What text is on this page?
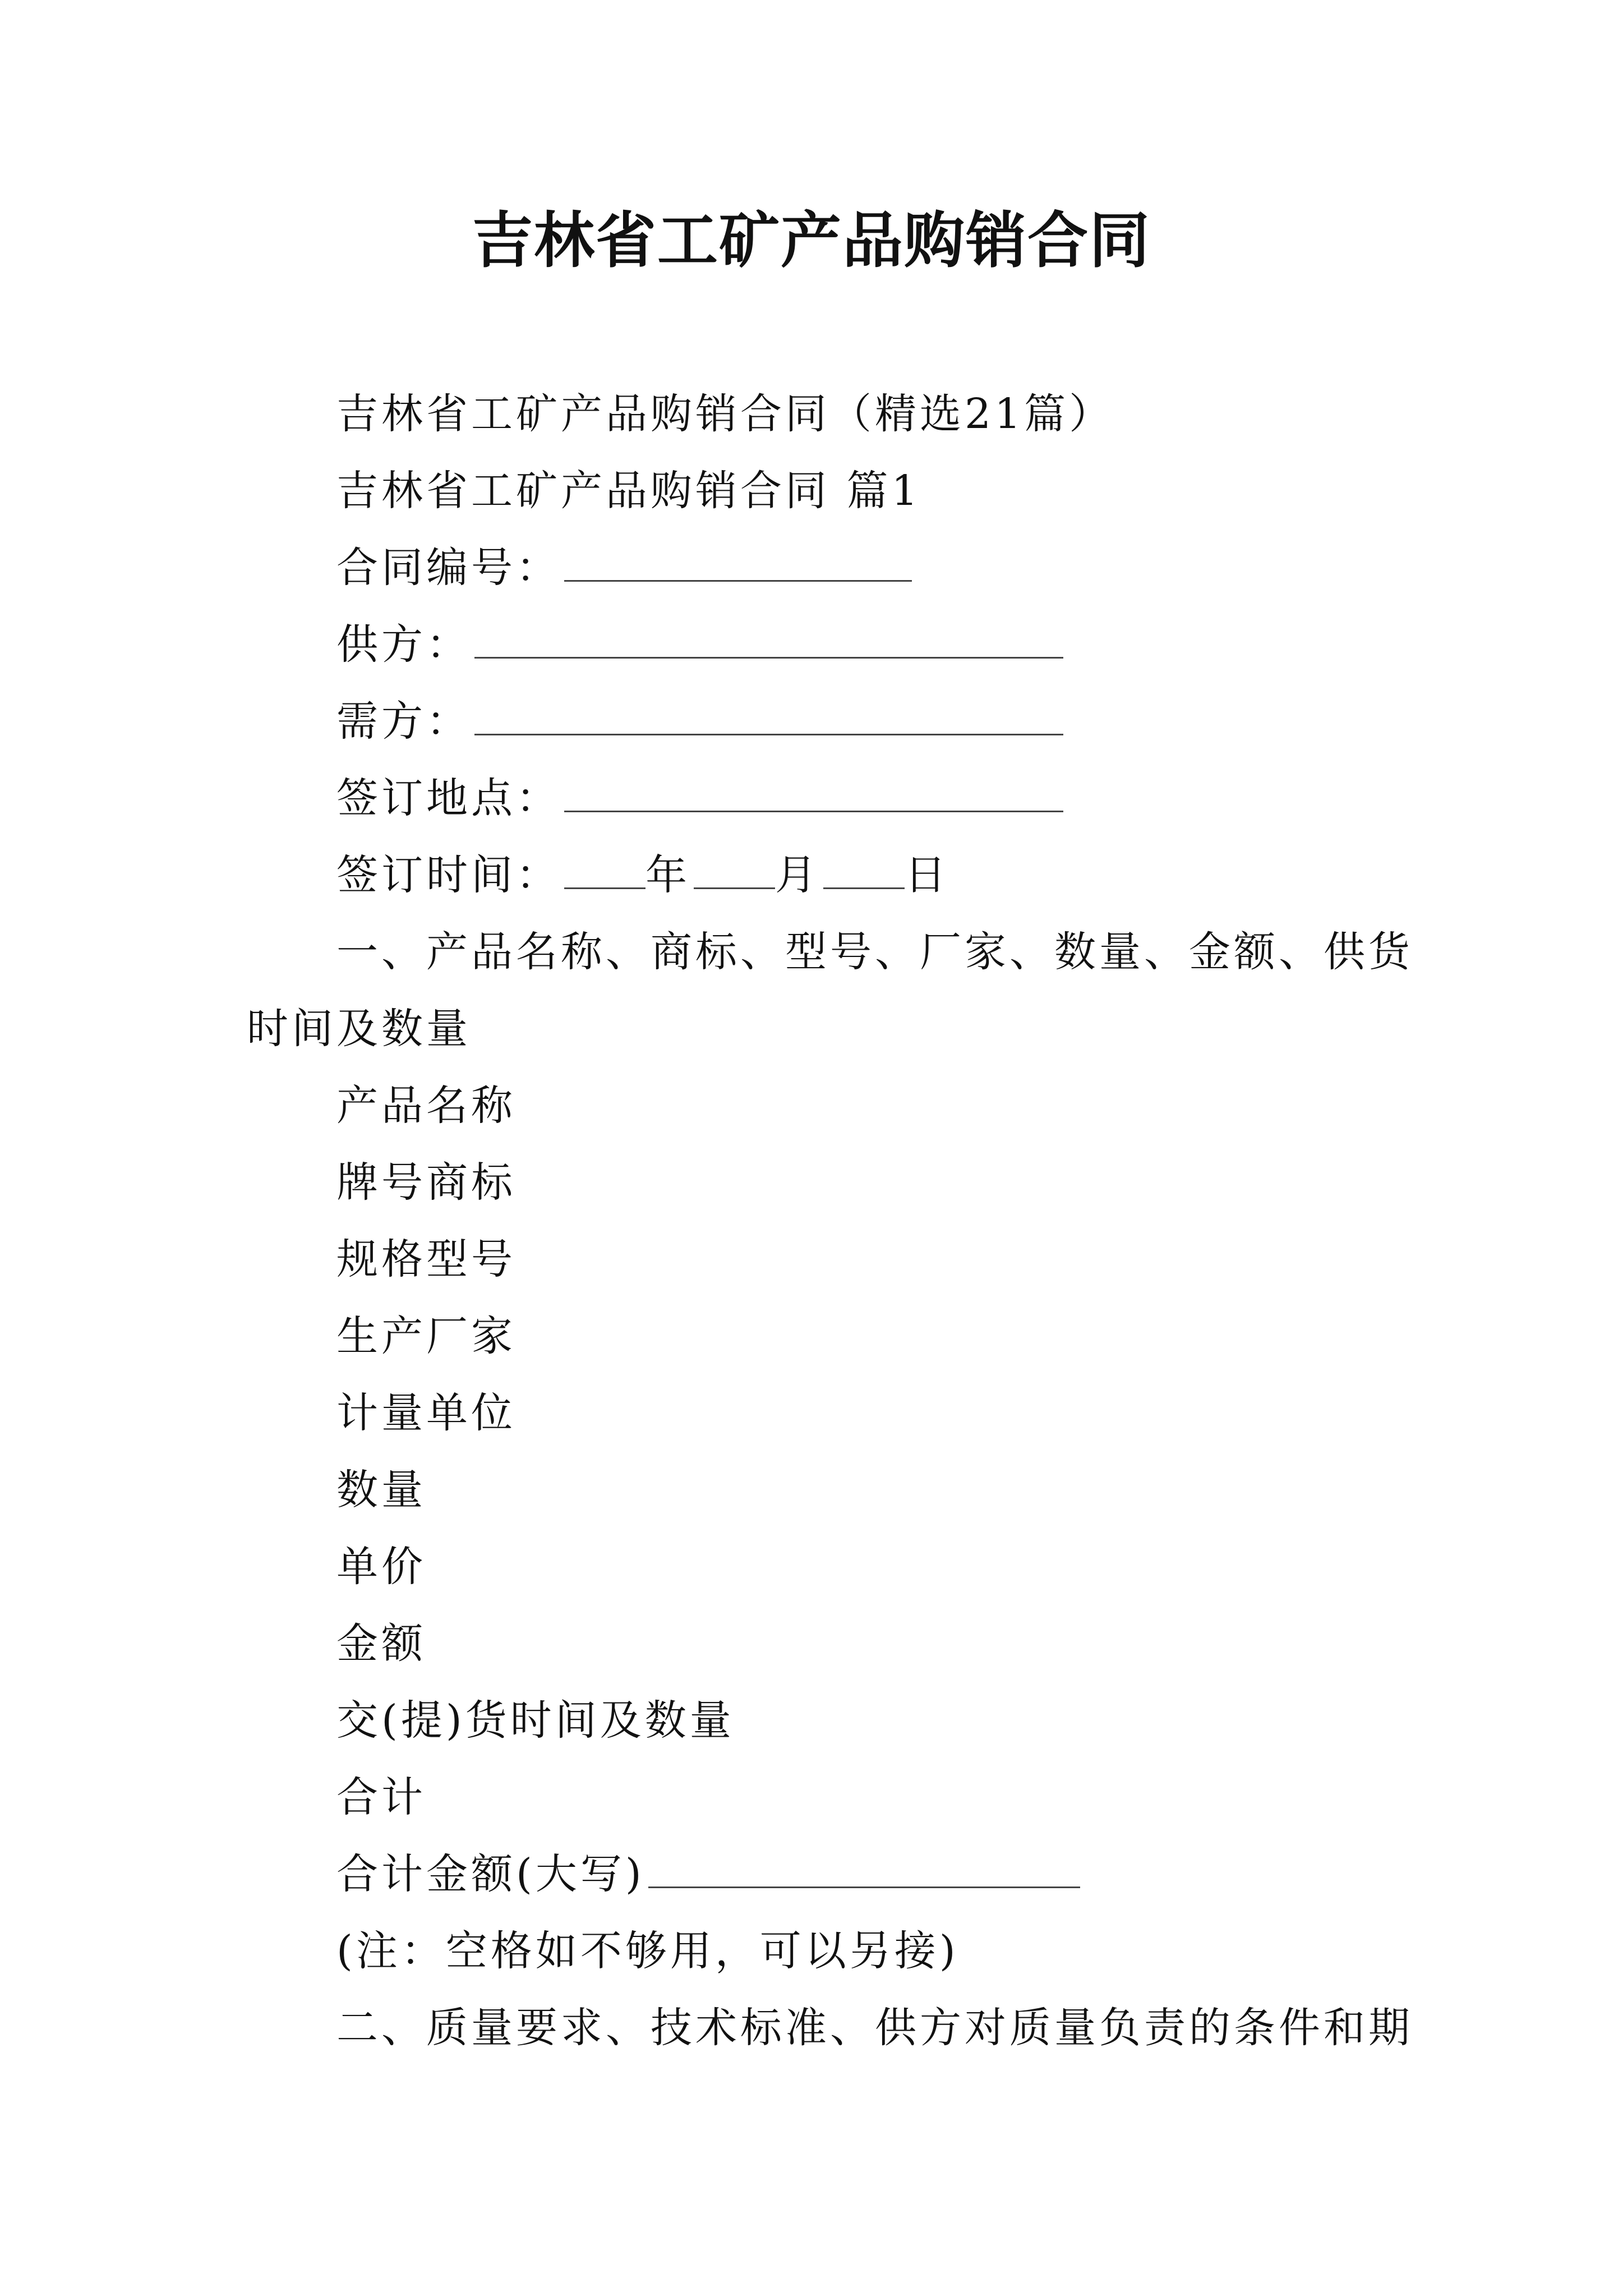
吉林省工矿产品购销合同
吉林省工矿产品购销合同（精选21篇）
吉林省工矿产品购销合同 篇1
合同编号：
供方：
需方：
签订地点：
签订时间： 年 月 日
一、产品名称、商标、型号、厂家、数量、金额、供货
时间及数量
产品名称
牌号商标
规格型号
生产厂家
计量单位
数量
单价
金额
交(提)货时间及数量
合计
合计金额(大写)
(注：空格如不够用，可以另接)
二、质量要求、技术标准、供方对质量负责的条件和期
